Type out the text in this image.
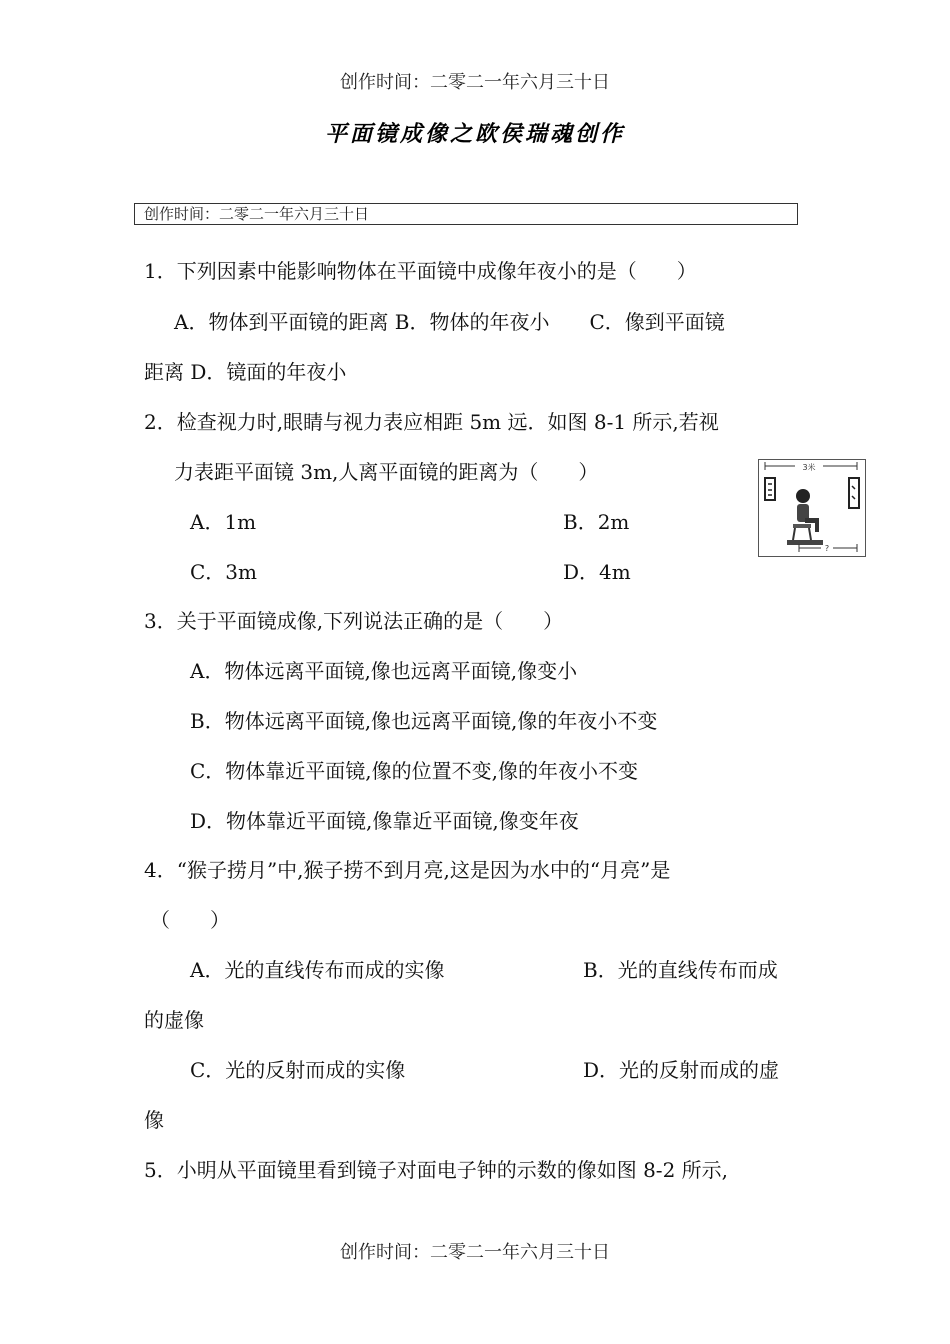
创作时间：二零二一年六月三十日
平面镜成像之欧侯瑞魂创作
创作时间：二零二一年六月三十日
1．下列因素中能影响物体在平面镜中成像年夜小的是（　　）
A．物体到平面镜的距离 B．物体的年夜小　　C．像到平面镜
距离 D．镜面的年夜小
2．检查视力时,眼睛与视力表应相距 5m 远．如图 8-1 所示,若视
力表距平面镜 3m,人离平面镜的距离为（　　）
A．1m	B．2m
C．3m	D．4m
3米
?
3．关于平面镜成像,下列说法正确的是（　　）
A．物体远离平面镜,像也远离平面镜,像变小
B．物体远离平面镜,像也远离平面镜,像的年夜小不变
C．物体靠近平面镜,像的位置不变,像的年夜小不变
D．物体靠近平面镜,像靠近平面镜,像变年夜
4．“猴子捞月”中,猴子捞不到月亮,这是因为水中的“月亮”是
（　　）
A．光的直线传布而成的实像	B．光的直线传布而成
的虚像
C．光的反射而成的实像	D．光的反射而成的虚
像
5．小明从平面镜里看到镜子对面电子钟的示数的像如图 8-2 所示,
创作时间：二零二一年六月三十日
